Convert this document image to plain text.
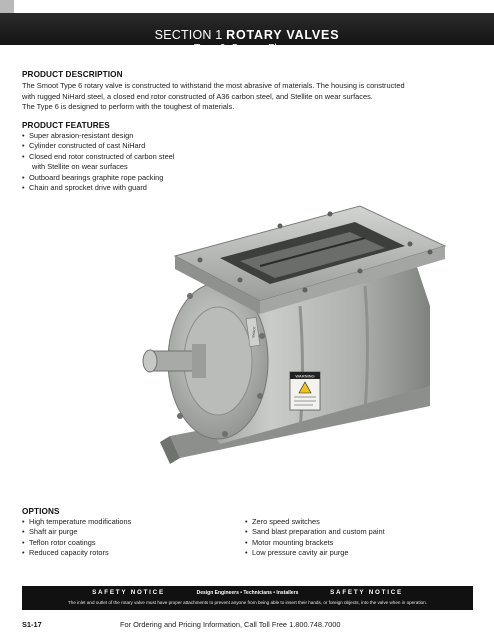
SECTION 1 ROTARY VALVES
Type 6, Square Flange
PRODUCT DESCRIPTION

The Smoot Type 6 rotary valve is constructed to withstand the most abrasive of materials. The housing is constructed

with rugged NiHard steel, a closed end rotor constructed of A36 carbon steel, and Stellite on wear surfaces.

The Type 6 is designed to perform with the toughest of materials.

PRODUCT FEATURES
• Super abrasion-resistant design
• Cylinder constructed of cast NiHard
• Closed end rotor constructed of carbon steel
with Stellite on wear surfaces
• Outboard bearings graphite rope packing
• Chain and sprocket drive with guard
WARNING
SMOOT
OPTIONS
• High temperature modifications
• Shaft air purge
• Teflon rotor coatings
• Reduced capacity rotors
• Zero speed switches
• Sand blast preparation and custom paint
• Motor mounting brackets
• Low pressure cavity air purge
SAFETY NOTICE	Design Engineers • Technicians • Installers	SAFETY NOTICE
The inlet and outlet of the rotary valve must have proper attachments to prevent anyone from being able to insert their hands, or foreign objects, into the valve when in operation.
S1-17	For Ordering and Pricing Information, Call Toll Free 1.800.748.7000
